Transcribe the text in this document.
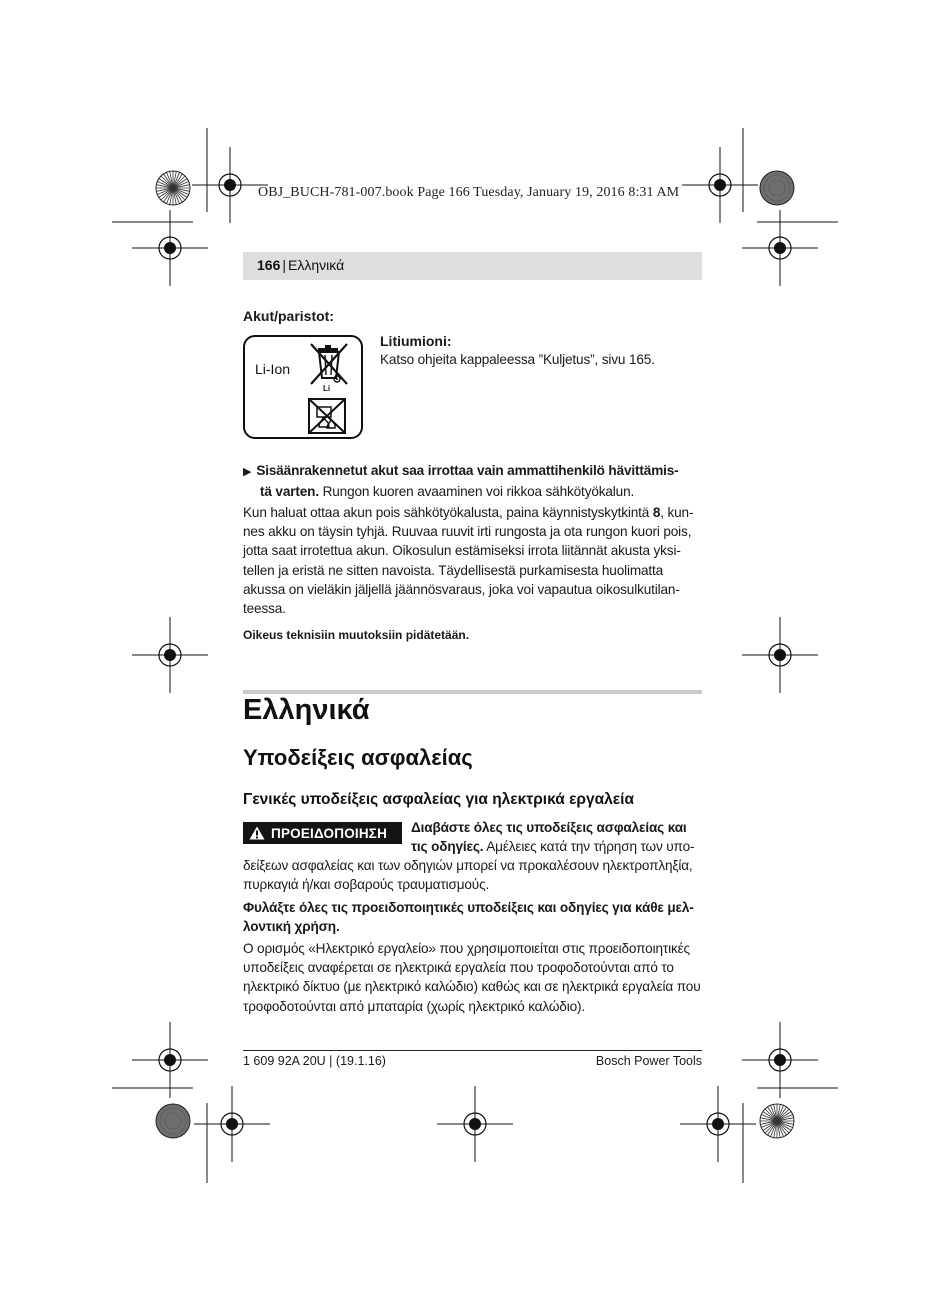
OBJ_BUCH-781-007.book Page 166 Tuesday, January 19, 2016 8:31 AM
166 | Ελληνικά
Akut/paristot:
Li-Ion
Li
Litiumioni:
Katso ohjeita kappaleessa ”Kuljetus”, sivu 165.
▶ Sisäänrakennetut akut saa irrottaa vain ammattihenkilö hävittämis-
tä varten. Rungon kuoren avaaminen voi rikkoa sähkötyökalun.
Kun haluat ottaa akun pois sähkötyökalusta, paina käynnistyskytkintä 8, kun-
nes akku on täysin tyhjä. Ruuvaa ruuvit irti rungosta ja ota rungon kuori pois,
jotta saat irrotettua akun. Oikosulun estämiseksi irrota liitännät akusta yksi-
tellen ja eristä ne sitten navoista. Täydellisestä purkamisesta huolimatta
akussa on vieläkin jäljellä jäännösvaraus, joka voi vapautua oikosulkutilan-
teessa.
Oikeus teknisiin muutoksiin pidätetään.
Ελληνικά
Υποδείξεις ασφαλείας
Γενικές υποδείξεις ασφαλείας για ηλεκτρικά εργαλεία
ΠΡΟΕΙΔΟΠΟΙΗΣΗ Διαβάστε όλες τις υποδείξεις ασφαλείας και
τις οδηγίες. Αμέλειες κατά την τήρηση των υπο-
δείξεων ασφαλείας και των οδηγιών μπορεί να προκαλέσουν ηλεκτροπληξία,
πυρκαγιά ή/και σοβαρούς τραυματισμούς.
Φυλάξτε όλες τις προειδοποιητικές υποδείξεις και οδηγίες για κάθε μελ-
λοντική χρήση.
Ο ορισμός «Ηλεκτρικό εργαλείο» που χρησιμοποιείται στις προειδοποιητικές
υποδείξεις αναφέρεται σε ηλεκτρικά εργαλεία που τροφοδοτούνται από το
ηλεκτρικό δίκτυο (με ηλεκτρικό καλώδιο) καθώς και σε ηλεκτρικά εργαλεία που
τροφοδοτούνται από μπαταρία (χωρίς ηλεκτρικό καλώδιο).
1 609 92A 20U | (19.1.16)	Bosch Power Tools
